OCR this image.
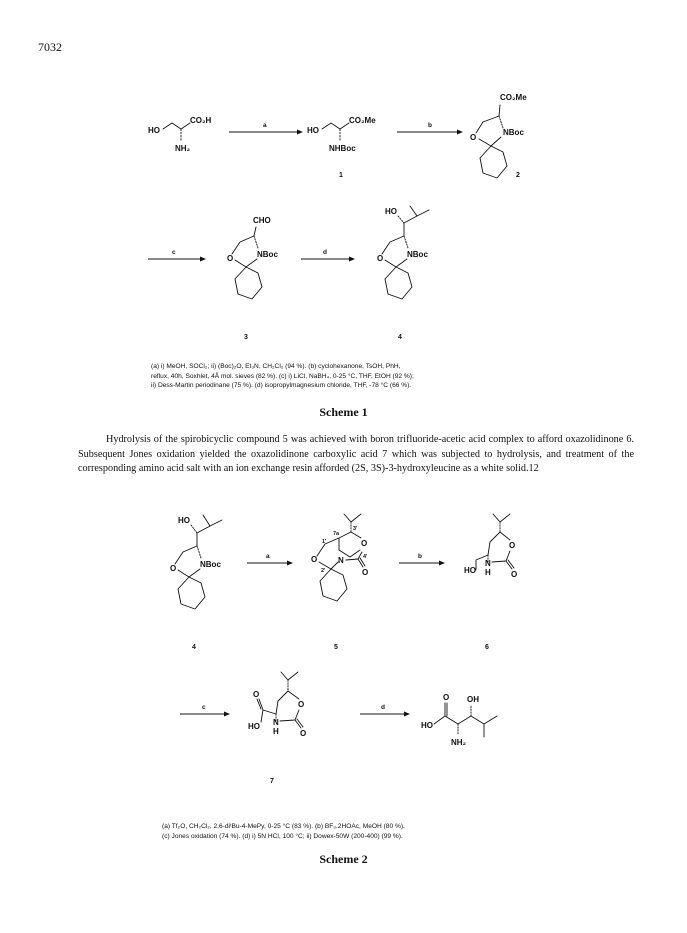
7032
HO
CO₂H
NH₂
a
HO
CO₂Me
NHBoc
1
b
CO₂Me
NBoc
O
2
c
CHO
NBoc
O
3
d
HO
NBoc
O
4
(a) i) MeOH, SOCl₂; ii) (Boc)₂O, Et₃N, CH₂Cl₂ (94 %). (b) cyclohexanone, TsOH, PhH,
reflux, 40h, Soxhlet, 4Å mol. sieves (82 %). (c) i) LiCl, NaBH₄, 0-25 °C, THF, EtOH (92 %);
ii) Dess-Martin periodinane (75 %). (d) isopropylmagnesium chloride, THF, -78 °C (66 %).
Scheme 1

Hydrolysis of the spirobicyclic compound 5 was achieved with boron trifluoride-acetic acid complex to afford oxazolidinone 6. Subsequent Jones oxidation yielded the oxazolidinone carboxylic acid 7 which was subjected to hydrolysis, and treatment of the corresponding amino acid salt with an ion exchange resin afforded (2S, 3S)-3-hydroxyleucine as a white solid.12

HO
NBoc
O
4
a
3'
O
7a
1'
O	N
O
4'
2'
5
b
O
O
N
H
HO
6
c	O
O
N
H
O
HO
7
d
HO
O
NH₂
OH
(a) Tf₂O, CH₂Cl₂, 2,6-diᵗBu-4-MePy, 0-25 °C (83 %). (b) BF₃.2HOAc, MeOH (80 %).
(c) Jones oxidation (74 %). (d) i) 5N HCl, 100 °C; ii) Dowex-50W (200-400) (99 %).
Scheme 2
